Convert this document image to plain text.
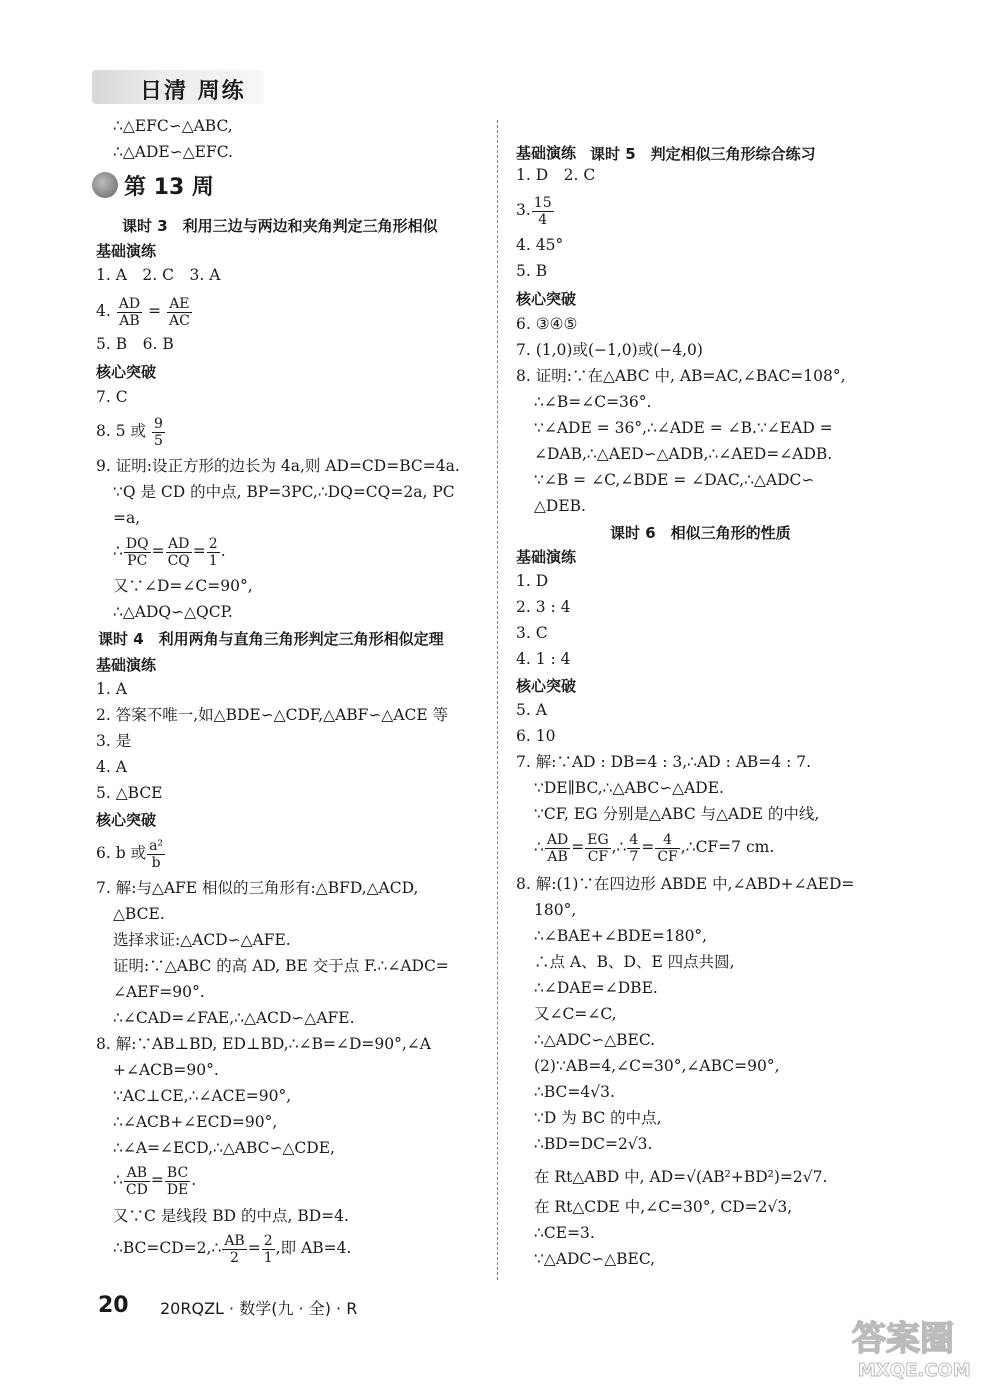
日清 周练
∴△EFC∽△ABC,
∴△ADE∽△EFC.
第 13 周
课时 3　利用三边与两边和夹角判定三角形相似
基础演练
1. A　2. C　3. A
4. $\frac{AD}{AB} = \frac{AE}{AC}$
5. B　6. B
核心突破
7. C
8. 5 或 $\frac{9}{5}$
9. 证明:设正方形的边长为 4a,则 AD=CD=BC=4a.
∵Q 是 CD 的中点, BP=3PC,∴DQ=CQ=2a, PC
=a,
∴ $\frac{DQ}{PC} = \frac{AD}{CQ} = \frac{2}{1}$ .
又∵∠D=∠C=90°,
∴△ADQ∽△QCP.
课时 4　利用两角与直角三角形判定三角形相似定理
基础演练
1. A
2. 答案不唯一,如△BDE∽△CDF,△ABF∽△ACE 等
3. 是
4. A
5. △BCE
核心突破
6. b 或 $\frac{\text{a²}}{b}$
7. 解:与△AFE 相似的三角形有:△BFD,△ACD,
△BCE.
选择求证:△ACD∽△AFE.
证明:∵△ABC 的高 AD, BE 交于点 F.∴∠ADC=
∠AEF=90°.
∴∠CAD=∠FAE,∴△ACD∽△AFE.
8. 解:∵AB⊥BD, ED⊥BD,∴∠B=∠D=90°,∠A
+∠ACB=90°.
∵AC⊥CE,∴∠ACE=90°,
∴∠ACB+∠ECD=90°,
∴∠A=∠ECD,∴△ABC∽△CDE,
∴ $\frac{AB}{CD} = \frac{BC}{DE}$ .
又∵C 是线段 BD 的中点, BD=4.
∴BC=CD=2,∴ $\frac{AB}{2} = \frac{2}{1}$ ,即 AB=4.
课时 5　判定相似三角形综合练习
基础演练
1. D　2. C
3. $\frac{15}{4}$
4. 45°
5. B
核心突破
6. ③④⑤
7. (1,0)或(−1,0)或(−4,0)
8. 证明:∵在△ABC 中, AB=AC,∠BAC=108°,
∴∠B=∠C=36°.
∵∠ADE = 36°,∴∠ADE = ∠B.∵∠EAD =
∠DAB,∴△AED∽△ADB,∴∠AED=∠ADB.
∵∠B = ∠C,∠BDE = ∠DAC,∴△ADC∽
△DEB.
课时 6　相似三角形的性质
基础演练
1. D
2. 3 : 4
3. C
4. 1 : 4
核心突破
5. A
6. 10
7. 解:∵AD : DB=4 : 3,∴AD : AB=4 : 7.
∵DE∥BC,∴△ABC∽△ADE.
∵CF, EG 分别是△ABC 与△ADE 的中线,
∴ $\frac{AD}{AB} = \frac{EG}{CF}$ ,∴ $\frac{4}{7} = \frac{4}{CF}$ ,∴CF=7 cm.
8. 解:(1)∵在四边形 ABDE 中,∠ABD+∠AED=
180°,
∴∠BAE+∠BDE=180°,
∴点 A、B、D、E 四点共圆,
∴∠DAE=∠DBE.
又∠C=∠C,
∴△ADC∽△BEC.
(2)∵AB=4,∠C=30°,∠ABC=90°,
∴BC=4√3.
∵D 为 BC 的中点,
∴BD=DC=2√3.
在 Rt△ABD 中, AD=√(AB²+BD²)=2√7.
在 Rt△CDE 中,∠C=30°, CD=2√3,
∴CE=3.
∵△ADC∽△BEC,
20 20RQZL · 数学(九 · 全) · R
答案圈
MXQE.COM
